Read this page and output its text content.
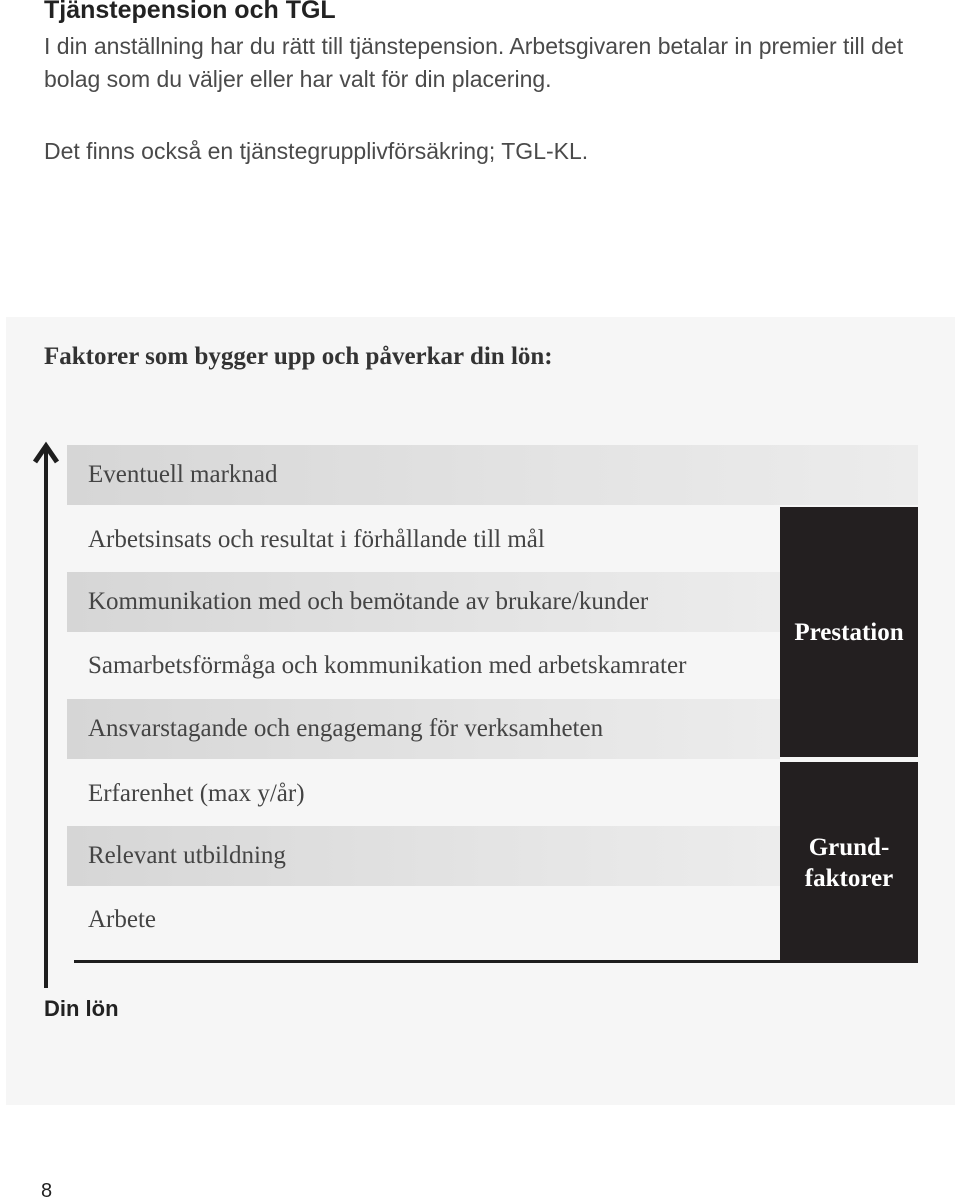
Tjänstepension och TGL

I din anställning har du rätt till tjänstepension. Arbetsgivaren betalar in premier till det bolag som du väljer eller har valt för din placering.

Det finns också en tjänstegrupplivförsäkring; TGL-KL.

Faktorer som bygger upp och påverkar din lön:
Eventuell marknad
Arbetsinsats och resultat i förhållande till mål
Kommunikation med och bemötande av brukare/kunder
Samarbetsförmåga och kommunikation med arbetskamrater
Ansvarstagande och engagemang för verksamheten
Erfarenhet (max y/år)
Relevant utbildning
Arbete
Prestation
Grund-
faktorer

Din lön

8
